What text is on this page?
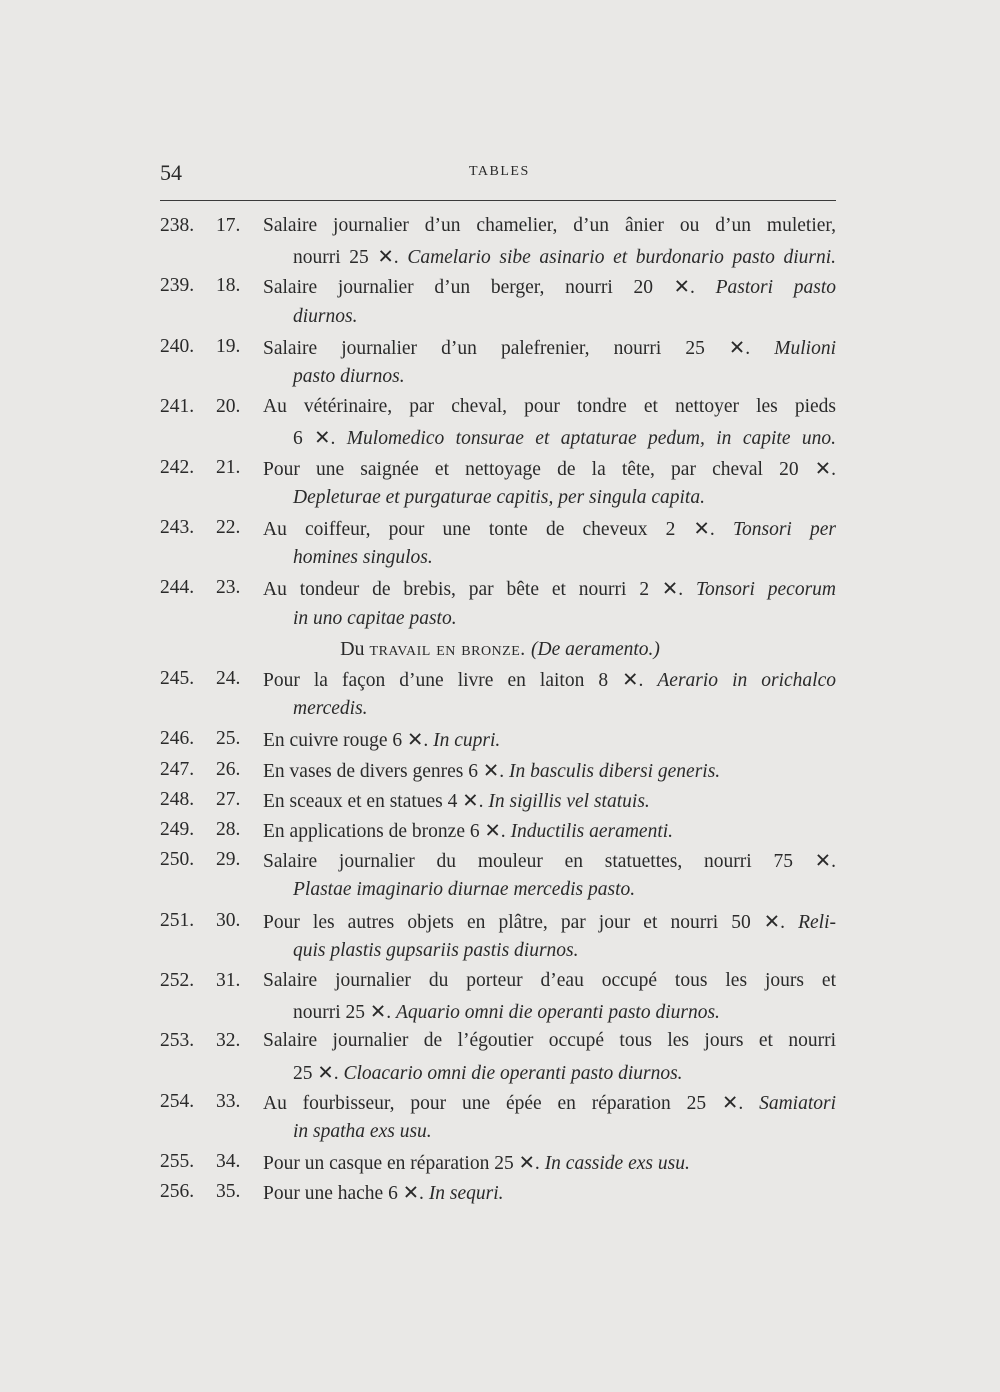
54	TABLES
238. 17. Salaire journalier d’un chamelier, d’un ânier ou d’un muletier,
nourri 25 ✕. Camelario sibe asinario et burdonario pasto diurni.
239. 18. Salaire journalier d’un berger, nourri 20 ✕. Pastori pasto
diurnos.
240. 19. Salaire journalier d’un palefrenier, nourri 25 ✕. Mulioni
pasto diurnos.
241. 20. Au vétérinaire, par cheval, pour tondre et nettoyer les pieds
6 ✕. Mulomedico tonsurae et aptaturae pedum, in capite uno.
242. 21. Pour une saignée et nettoyage de la tête, par cheval 20 ✕.
Depleturae et purgaturae capitis, per singula capita.
243. 22. Au coiffeur, pour une tonte de cheveux 2 ✕. Tonsori per
homines singulos.
244. 23. Au tondeur de brebis, par bête et nourri 2 ✕. Tonsori pecorum
in uno capitae pasto.
Du travail en bronze. (De aeramento.)
245. 24. Pour la façon d’une livre en laiton 8 ✕. Aerario in orichalco
mercedis.
246. 25. En cuivre rouge 6 ✕. In cupri.
247. 26. En vases de divers genres 6 ✕. In basculis dibersi generis.
248. 27. En sceaux et en statues 4 ✕. In sigillis vel statuis.
249. 28. En applications de bronze 6 ✕. Inductilis aeramenti.
250. 29. Salaire journalier du mouleur en statuettes, nourri 75 ✕.
Plastae imaginario diurnae mercedis pasto.
251. 30. Pour les autres objets en plâtre, par jour et nourri 50 ✕. Reli-
quis plastis gupsariis pastis diurnos.
252. 31. Salaire journalier du porteur d’eau occupé tous les jours et
nourri 25 ✕. Aquario omni die operanti pasto diurnos.
253. 32. Salaire journalier de l’égoutier occupé tous les jours et nourri
25 ✕. Cloacario omni die operanti pasto diurnos.
254. 33. Au fourbisseur, pour une épée en réparation 25 ✕. Samiatori
in spatha exs usu.
255. 34. Pour un casque en réparation 25 ✕. In casside exs usu.
256. 35. Pour une hache 6 ✕. In sequri.
